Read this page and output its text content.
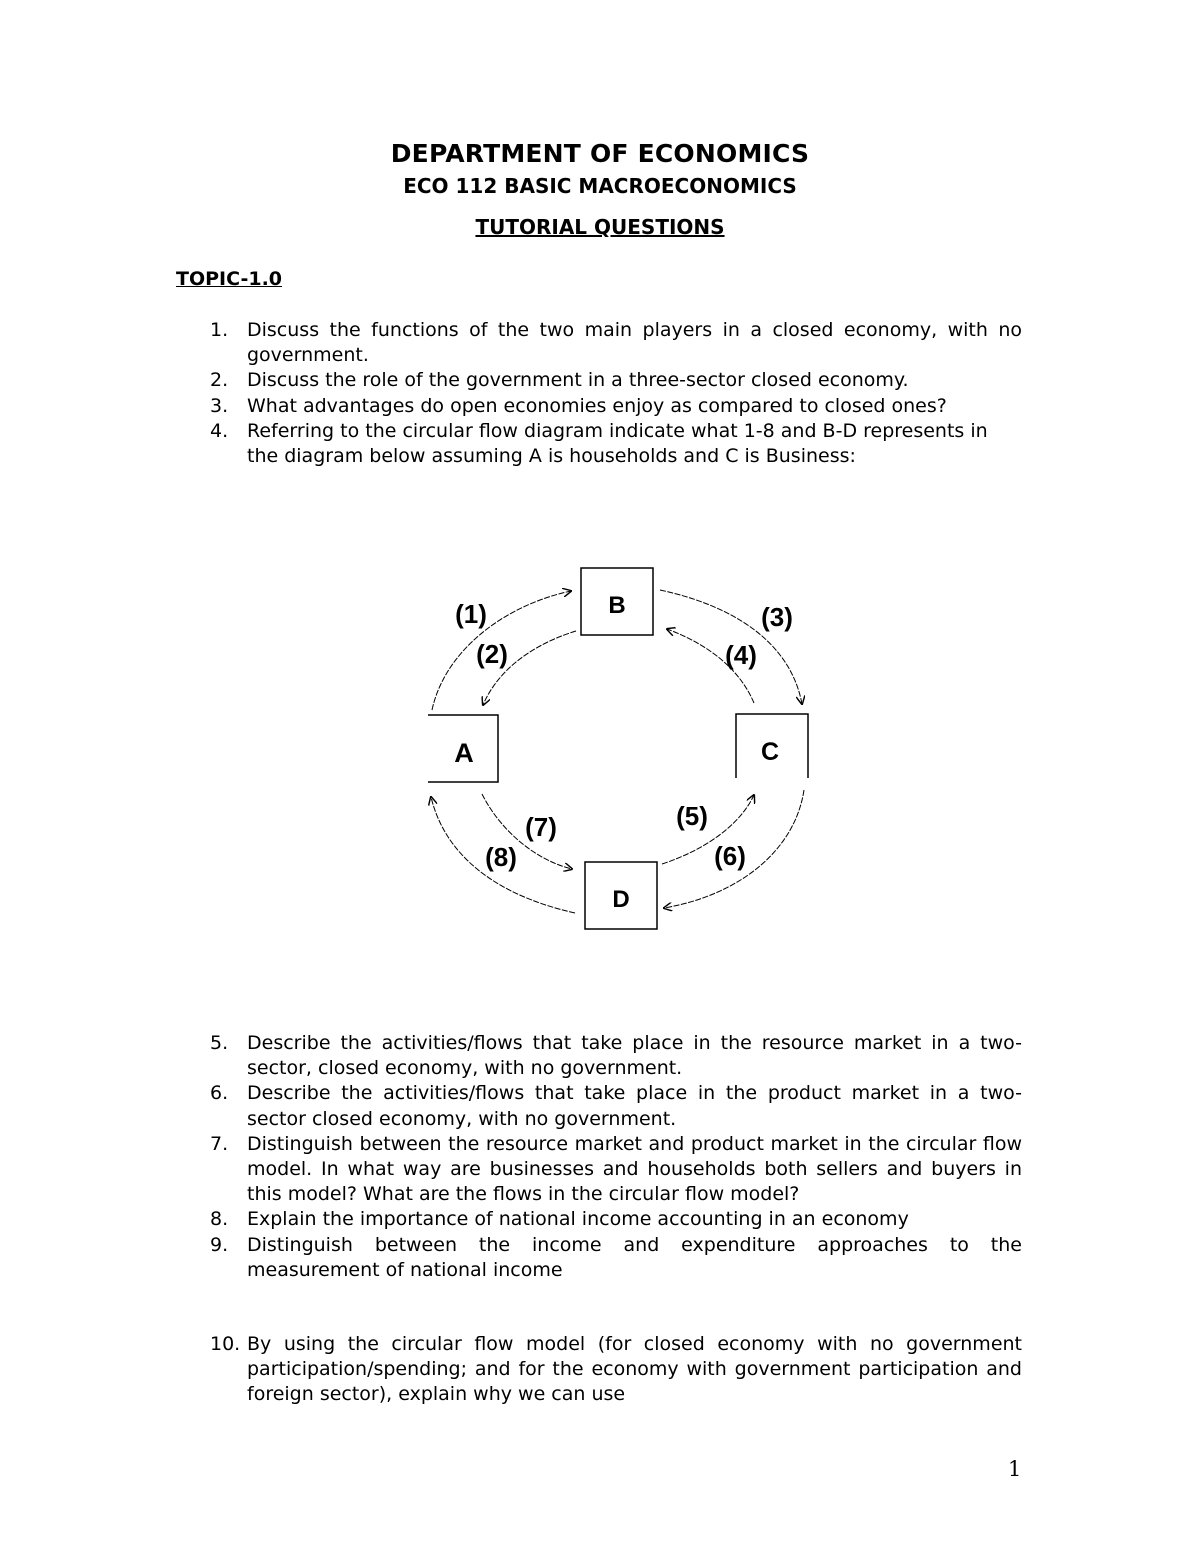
DEPARTMENT OF ECONOMICS
ECO 112 BASIC MACROECONOMICS
TUTORIAL QUESTIONS
TOPIC-1.0
1. Discuss the functions of the two main players in a closed economy, with no government.
2. Discuss the role of the government in a three-sector closed economy.
3. What advantages do open economies enjoy as compared to closed ones?
4. Referring to the circular flow diagram indicate what 1-8 and B-D represents in the diagram below assuming A is households and C is Business:
B
A	C
D
(1)
(2)
(3)
(4)
(5)
(6)
(7)
(8)
5. Describe the activities/flows that take place in the resource market in a two-sector, closed economy, with no government.
6. Describe the activities/flows that take place in the product market in a two-sector closed economy, with no government.
7. Distinguish between the resource market and product market in the circular flow model. In what way are businesses and households both sellers and buyers in this model? What are the flows in the circular flow model?
8. Explain the importance of national income accounting in an economy
9. Distinguish between the income and expenditure approaches to the measurement of national income
10. By using the circular flow model (for closed economy with no government participation/spending; and for the economy with government participation and foreign sector), explain why we can use
1
